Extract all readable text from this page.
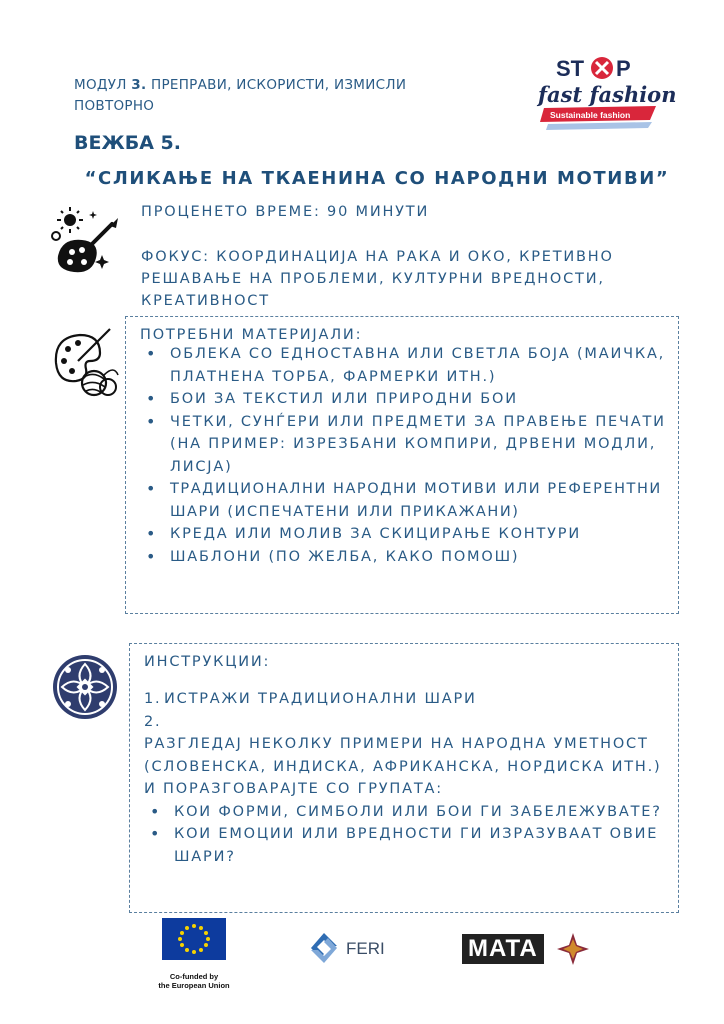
МОДУЛ 3. ПРЕПРАВИ, ИСКОРИСТИ, ИЗМИСЛИ
ПОВТОРНО
ST P
fast fashion
Sustainable fashion
ВЕЖБА 5.
“СЛИКАЊЕ НА ТКАЕНИНА СО НАРОДНИ МОТИВИ”
ПРОЦЕНЕТО ВРЕМЕ: 90 МИНУТИ
ФОКУС: КООРДИНАЦИЈА НА РАКА И ОКО, КРЕТИВНО РЕШАВАЊЕ НА ПРОБЛЕМИ, КУЛТУРНИ ВРЕДНОСТИ, КРЕАТИВНОСТ
ПОТРЕБНИ МАТЕРИЈАЛИ:
• ОБЛЕКА СО ЕДНОСТАВНА ИЛИ СВЕТЛА БОЈА (МАИЧКА, ПЛАТНЕНА ТОРБА, ФАРМЕРКИ ИТН.)
• БОИ ЗА ТЕКСТИЛ ИЛИ ПРИРОДНИ БОИ
• ЧЕТКИ, СУНЃЕРИ ИЛИ ПРЕДМЕТИ ЗА ПРАВЕЊЕ ПЕЧАТИ (НА ПРИМЕР: ИЗРЕЗБАНИ КОМПИРИ, ДРВЕНИ МОДЛИ, ЛИСЈА)
• ТРАДИЦИОНАЛНИ НАРОДНИ МОТИВИ ИЛИ РЕФЕРЕНТНИ ШАРИ (ИСПЕЧАТЕНИ ИЛИ ПРИКАЖАНИ)
• КРЕДА ИЛИ МОЛИВ ЗА СКИЦИРАЊЕ КОНТУРИ
• ШАБЛОНИ (ПО ЖЕЛБА, КАКО ПОМОШ)
ИНСТРУКЦИИ:
1. ИСТРАЖИ ТРАДИЦИОНАЛНИ ШАРИ
2.

РАЗГЛЕДАЈ НЕКОЛКУ ПРИМЕРИ НА НАРОДНА УМЕТНОСТ (СЛОВЕНСКА, ИНДИСКА, АФРИКАНСКА, НОРДИСКА ИТН.) И ПОРАЗГОВАРАЈТЕ СО ГРУПАТА:
• КОИ ФОРМИ, СИМБОЛИ ИЛИ БОИ ГИ ЗАБЕЛЕЖУВАТЕ?
• КОИ ЕМОЦИИ ИЛИ ВРЕДНОСТИ ГИ ИЗРАЗУВААТ ОВИЕ ШАРИ?
Co-funded by
the European Union
FERI	MATA
